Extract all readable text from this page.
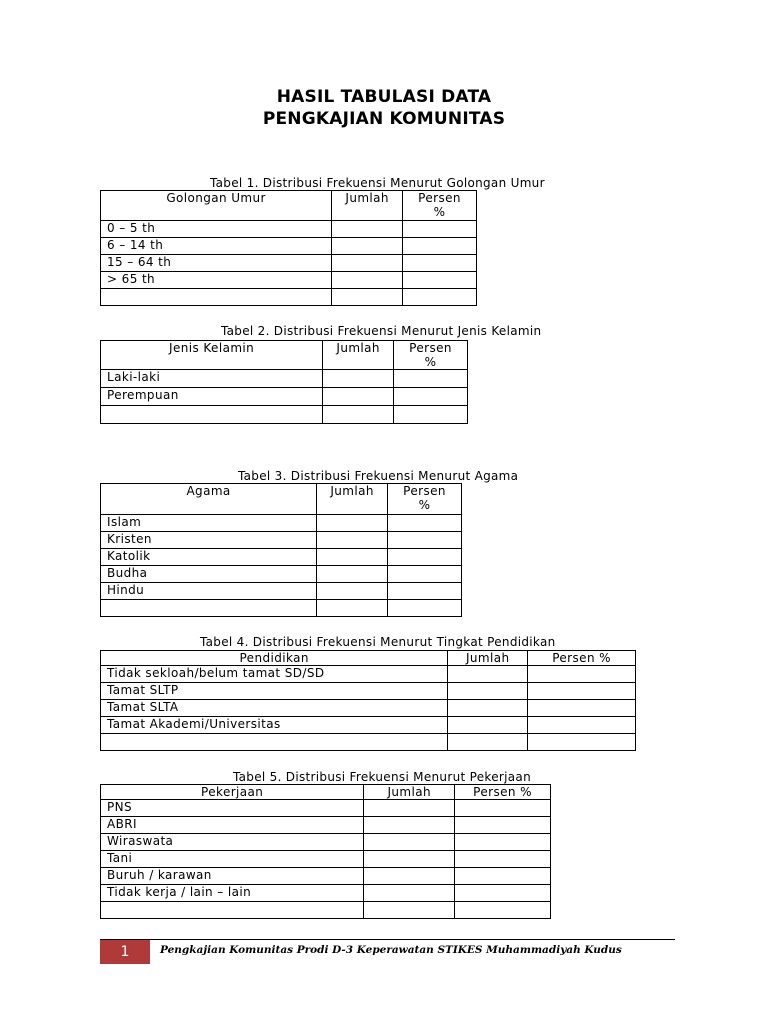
HASIL TABULASI DATA
PENGKAJIAN KOMUNITAS
Tabel 1. Distribusi Frekuensi Menurut Golongan Umur
Golongan Umur	Jumlah	Persen
%
0 – 5 th		
6 – 14 th		
15 – 64 th		
> 65 th		

Tabel 2. Distribusi Frekuensi Menurut Jenis Kelamin
Jenis Kelamin	Jumlah	Persen
%
Laki-laki		
Perempuan		

Tabel 3. Distribusi Frekuensi Menurut Agama
Agama	Jumlah	Persen
%
Islam		
Kristen		
Katolik		
Budha		
Hindu		

Tabel 4. Distribusi Frekuensi Menurut Tingkat Pendidikan
Pendidikan	Jumlah	Persen %
Tidak sekloah/belum tamat SD/SD		
Tamat SLTP		
Tamat SLTA		
Tamat Akademi/Universitas		

Tabel 5. Distribusi Frekuensi Menurut Pekerjaan
Pekerjaan	Jumlah	Persen %
PNS		
ABRI		
Wiraswata		
Tani		
Buruh / karawan		
Tidak kerja / lain – lain		

1	Pengkajian Komunitas Prodi D-3 Keperawatan STIKES Muhammadiyah Kudus
